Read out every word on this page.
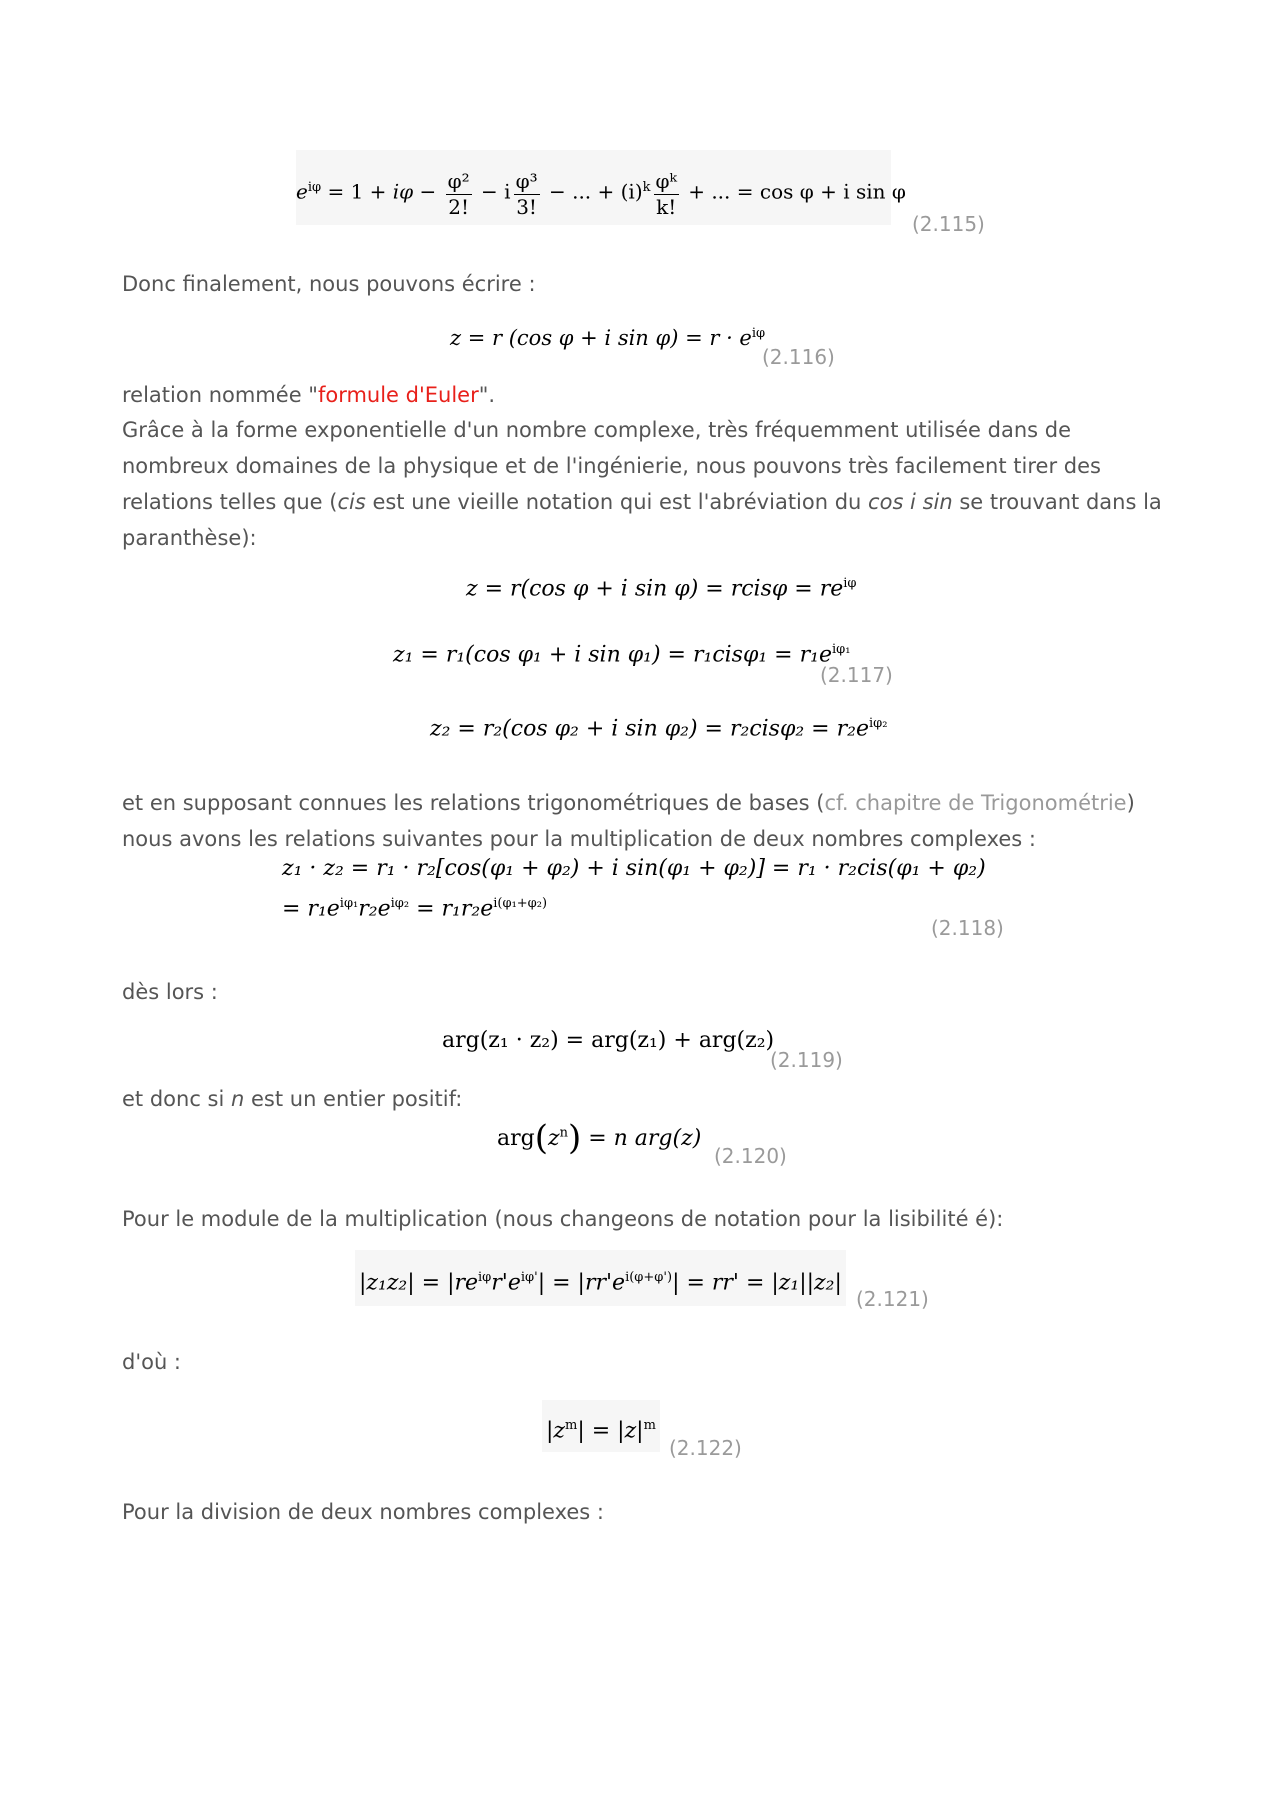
$e^{i\varphi} = 1 + i\varphi - \frac{\text{φ²}}{2!} - i \frac{\text{φ³}}{3!}$ − ... + $(i)^k \frac{\text{φᵏ}}{k!}$ + ... = cos φ + i sin φ
(2.115)
Donc finalement, nous pouvons écrire :
z = r (cos φ + i $\sin \varphi) = r \cdot e^{i\varphi}$
(2.116)
relation nommée "formule d'Euler".
Grâce à la forme exponentielle d'un nombre complexe, très fréquemment utilisée dans de nombreux domaines de la physique et de l'ingénierie, nous pouvons très facilement tirer des relations telles que (cis est une vieille notation qui est l'abréviation du cos i sin se trouvant dans la paranthèse):
z = r(cos φ + i sin φ) = rcisφ = $re^{i\varphi}$
z₁ = r₁(cos φ₁ + i $\sin \varphi_1) = r_1cis\varphi_1 = r_1e^{i\varphi_1}$
(2.117)
z₂ = r₂(cos φ₂ + i $\sin \varphi_2) = r_2cis\varphi_2 = r_2e^{i\varphi_2}$
et en supposant connues les relations trigonométriques de bases (cf. chapitre de Trigonométrie) nous avons les relations suivantes pour la multiplication de deux nombres complexes :
z₁ · z₂ = r₁ · r₂[cos(φ₁ + φ₂) + i sin(φ₁ + φ₂)] = r₁ · r₂cis(φ₁ + φ₂)
= $r_1e^{i\varphi_1}r_2e^{i\varphi_2} = r_1r_2e^{i(\varphi_1+\varphi_2)}$
(2.118)
dès lors :
arg(z₁ · z₂) = arg(z₁) + arg(z₂)
(2.119)
et donc si n est un entier positif:
$arg(z^n) = n$ arg(z)
(2.120)
Pour le module de la multiplication (nous changeons de notation pour la lisibilité é):
$|z_1z_2| = |re^{i\varphi}r'e^{i\varphi'}| = |rr'e^{i(\varphi+\varphi')}| = rr' = |z_1||z_2|$
(2.121)
d'où :
$|z^m| = |z|^m$
(2.122)
Pour la division de deux nombres complexes :
